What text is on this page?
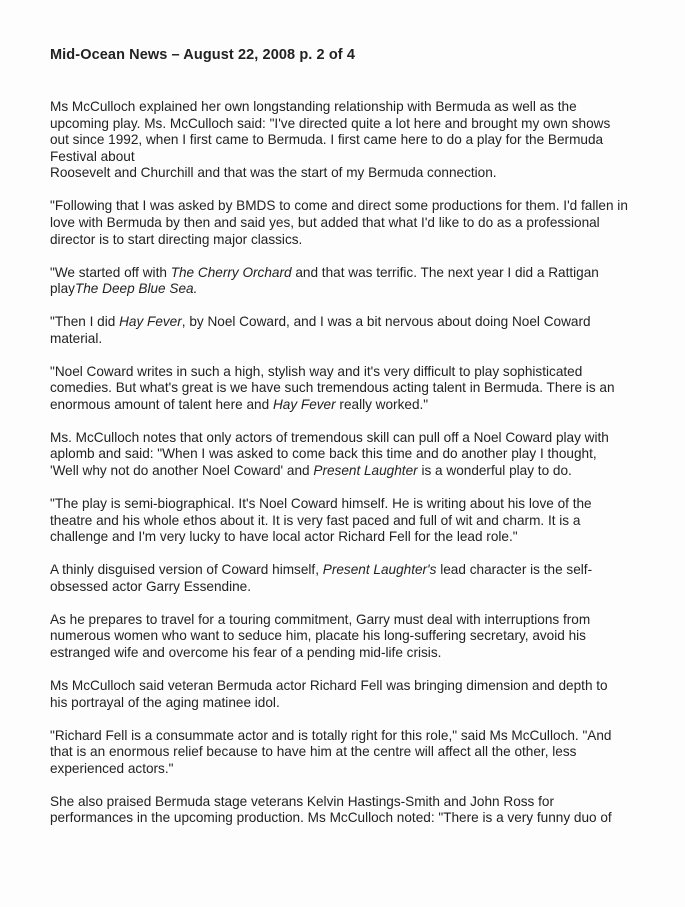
Mid-Ocean News – August 22, 2008 p. 2 of 4

Ms McCulloch explained her own longstanding relationship with Bermuda as well as the
upcoming play. Ms. McCulloch said: "I've directed quite a lot here and brought my own shows
out since 1992, when I first came to Bermuda. I first came here to do a play for the Bermuda
Festival about
Roosevelt and Churchill and that was the start of my Bermuda connection.

"Following that I was asked by BMDS to come and direct some productions for them. I'd fallen in
love with Bermuda by then and said yes, but added that what I'd like to do as a professional
director is to start directing major classics.

"We started off with The Cherry Orchard and that was terrific. The next year I did a Rattigan
playThe Deep Blue Sea.

"Then I did Hay Fever, by Noel Coward, and I was a bit nervous about doing Noel Coward
material.

"Noel Coward writes in such a high, stylish way and it's very difficult to play sophisticated
comedies. But what's great is we have such tremendous acting talent in Bermuda. There is an
enormous amount of talent here and Hay Fever really worked."

Ms. McCulloch notes that only actors of tremendous skill can pull off a Noel Coward play with
aplomb and said: "When I was asked to come back this time and do another play I thought,
'Well why not do another Noel Coward' and Present Laughter is a wonderful play to do.

"The play is semi-biographical. It's Noel Coward himself. He is writing about his love of the
theatre and his whole ethos about it. It is very fast paced and full of wit and charm. It is a
challenge and I'm very lucky to have local actor Richard Fell for the lead role."

A thinly disguised version of Coward himself, Present Laughter's lead character is the self-
obsessed actor Garry Essendine.

As he prepares to travel for a touring commitment, Garry must deal with interruptions from
numerous women who want to seduce him, placate his long-suffering secretary, avoid his
estranged wife and overcome his fear of a pending mid-life crisis.

Ms McCulloch said veteran Bermuda actor Richard Fell was bringing dimension and depth to
his portrayal of the aging matinee idol.

"Richard Fell is a consummate actor and is totally right for this role," said Ms McCulloch. "And
that is an enormous relief because to have him at the centre will affect all the other, less
experienced actors."

She also praised Bermuda stage veterans Kelvin Hastings-Smith and John Ross for
performances in the upcoming production. Ms McCulloch noted: "There is a very funny duo of
